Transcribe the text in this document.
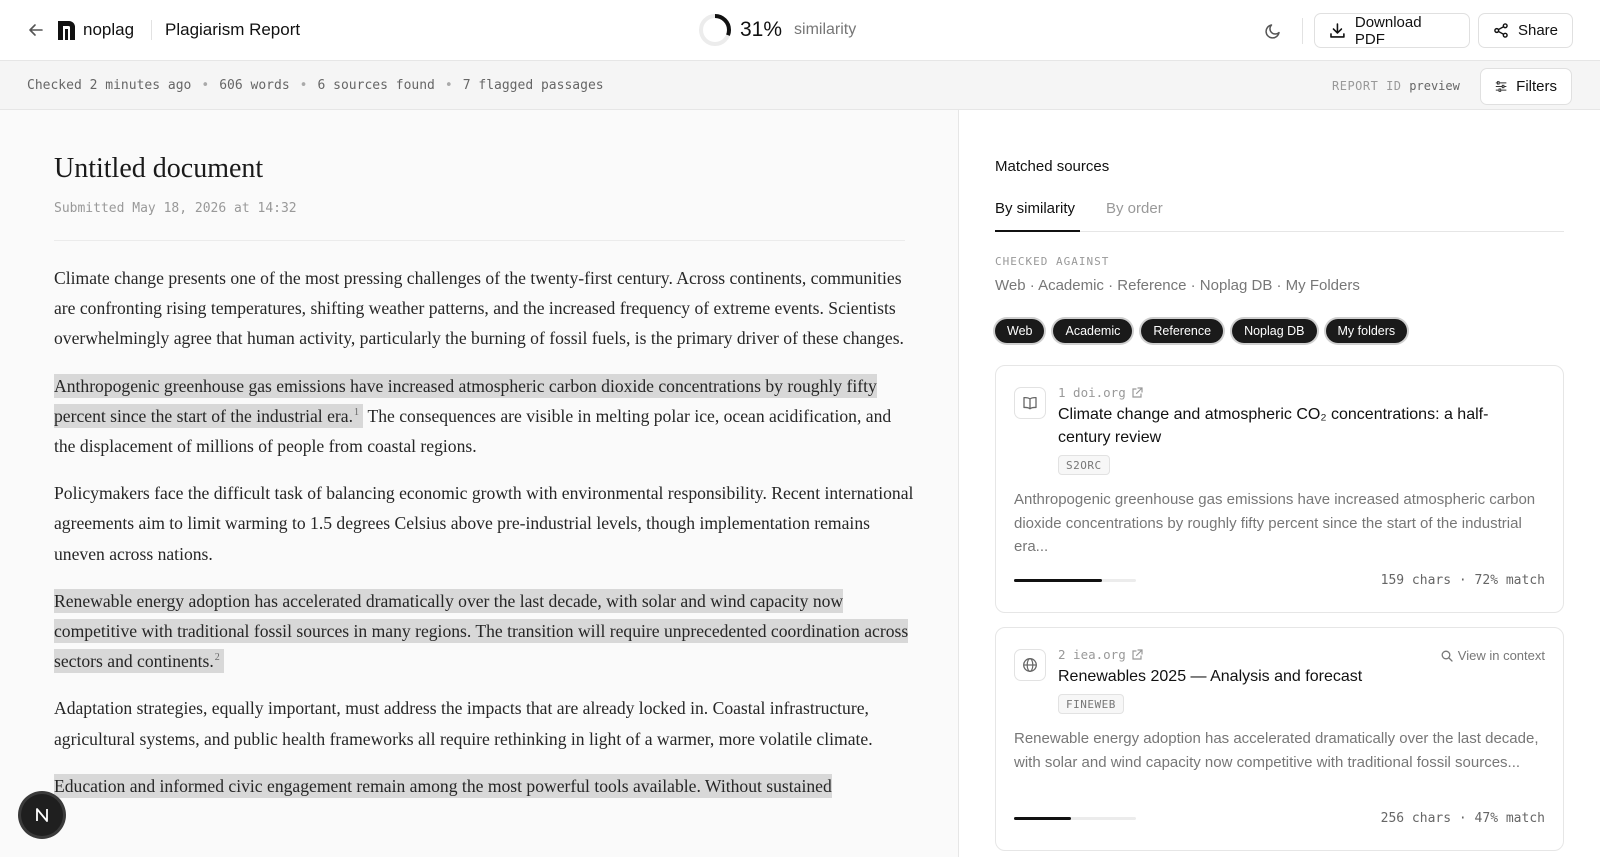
noplag Plagiarism Report	31% similarity	Download PDF	Share
Checked 2 minutes ago • 606 words • 6 sources found • 7 flagged passages	REPORT ID preview	Filters
Untitled document
Submitted May 18, 2026 at 14:32

Climate change presents one of the most pressing challenges of the twenty-first century. Across continents, communities are confronting rising temperatures, shifting weather patterns, and the increased frequency of extreme events. Scientists overwhelmingly agree that human activity, particularly the burning of fossil fuels, is the primary driver of these changes.

Anthropogenic greenhouse gas emissions have increased atmospheric carbon dioxide concentrations by roughly fifty percent since the start of the industrial era.$^1$  The consequences are visible in melting polar ice, ocean acidification, and the displacement of millions of people from coastal regions.

Policymakers face the difficult task of balancing economic growth with environmental responsibility. Recent international agreements aim to limit warming to 1.5 degrees Celsius above pre-industrial levels, though implementation remains uneven across nations.

Renewable energy adoption has accelerated dramatically over the last decade, with solar and wind capacity now competitive with traditional fossil sources in many regions. The transition will require unprecedented coordination across sectors and continents.$^2$

Adaptation strategies, equally important, must address the impacts that are already locked in. Coastal infrastructure, agricultural systems, and public health frameworks all require rethinking in light of a warmer, more volatile climate.

Education and informed civic engagement remain among the most powerful tools available. Without sustained

Matched sources
By similarity	By order
CHECKED AGAINST
Web · Academic · Reference · Noplag DB · My Folders
Web	Academic	Reference	Noplag DB	My folders
1 doi.org
Climate change and atmospheric CO₂ concentrations: a half-century review
S2ORC
Anthropogenic greenhouse gas emissions have increased atmospheric carbon dioxide concentrations by roughly fifty percent since the start of the industrial era...
159 chars · 72% match
2 iea.org	View in context
Renewables 2025 — Analysis and forecast
FINEWEB
Renewable energy adoption has accelerated dramatically over the last decade, with solar and wind capacity now competitive with traditional fossil sources...
256 chars · 47% match
